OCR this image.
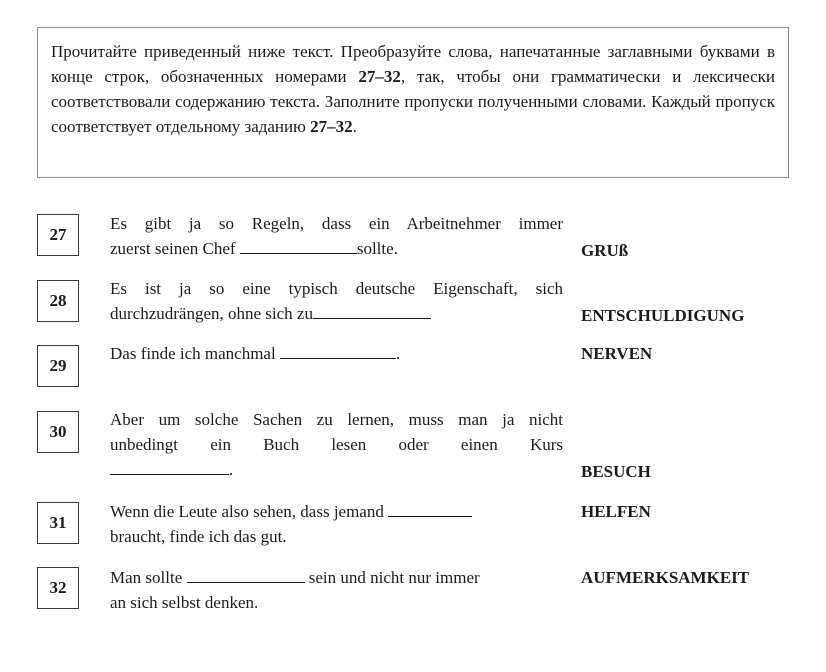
Прочитайте приведенный ниже текст. Преобразуйте слова, напечатанные заглавными буквами в конце строк, обозначенных номерами 27–32, так, чтобы они грамматически и лексически соответствовали содержанию текста. Заполните пропуски полученными словами. Каждый пропуск соответствует отдельному заданию 27–32.
27
Es gibt ja so Regeln, dass ein Arbeitnehmer immer
zuerst seinen Chef	sollte.	GRUß
28
Es ist ja so eine typisch deutsche Eigenschaft, sich
durchzudrängen, ohne sich zu	ENTSCHULDIGUNG
29
Das finde ich manchmal	.	NERVEN
30
Aber um solche Sachen zu lernen, muss man ja nicht
unbedingt ein Buch lesen oder einen Kurs
.	BESUCH
31
Wenn die Leute also sehen, dass jemand
braucht, finde ich das gut.
HELFEN
32
Man sollte	sein und nicht nur immer
an sich selbst denken.
AUFMERKSAMKEIT
